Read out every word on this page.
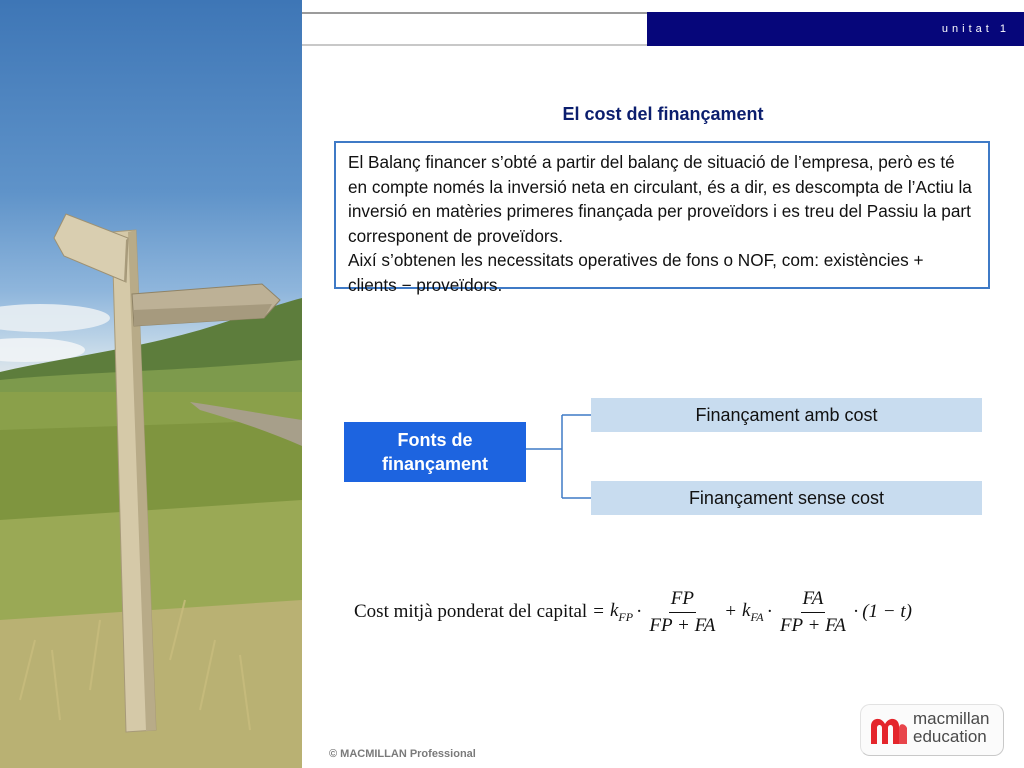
unitat 1
El cost del finançament

El Balanç financer s’obté a partir del balanç de situació de l’empresa, però es té en compte només la inversió neta en circulant, és a dir, es descompta de l’Actiu la inversió en matèries primeres finançada per proveïdors i es treu del Passiu la part corresponent de proveïdors.

Així s’obtenen les necessitats operatives de fons o NOF, com: existències + clients − proveïdors.

Fonts de
finançament
Finançament amb cost
Finançament sense cost
Cost mitjà ponderat del capital = $k_{FP} \cdot \frac{FP}{FP + FA} + k_{FA} \cdot \frac{FA}{FP + FA} \cdot (1 - t)$
© MACMILLAN Professional
macmillan
education
